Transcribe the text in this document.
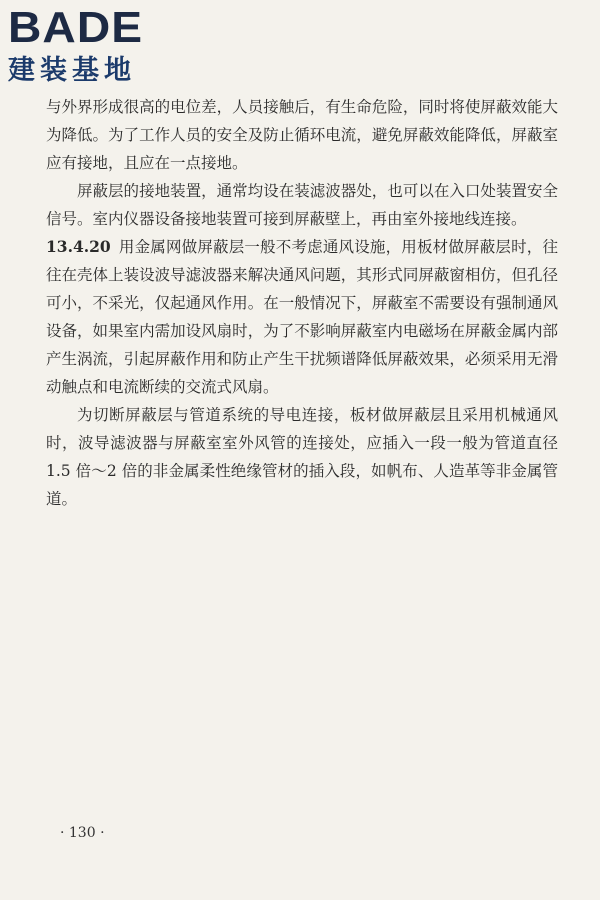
BADE
建装基地

与外界形成很高的电位差，人员接触后，有生命危险，同时将使屏蔽效能大为降低。为了工作人员的安全及防止循环电流，避免屏蔽效能降低，屏蔽室应有接地，且应在一点接地。

屏蔽层的接地装置，通常均设在装滤波器处，也可以在入口处装置安全信号。室内仪器设备接地装置可接到屏蔽壁上，再由室外接地线连接。

13.4.20 用金属网做屏蔽层一般不考虑通风设施，用板材做屏蔽层时，往往在壳体上装设波导滤波器来解决通风问题，其形式同屏蔽窗相仿，但孔径可小，不采光，仅起通风作用。在一般情况下，屏蔽室不需要设有强制通风设备，如果室内需加设风扇时，为了不影响屏蔽室内电磁场在屏蔽金属内部产生涡流，引起屏蔽作用和防止产生干扰频谱降低屏蔽效果，必须采用无滑动触点和电流断续的交流式风扇。

为切断屏蔽层与管道系统的导电连接，板材做屏蔽层且采用机械通风时，波导滤波器与屏蔽室室外风管的连接处，应插入一段一般为管道直径 1.5 倍～2 倍的非金属柔性绝缘管材的插入段，如帆布、人造革等非金属管道。

· 130 ·
